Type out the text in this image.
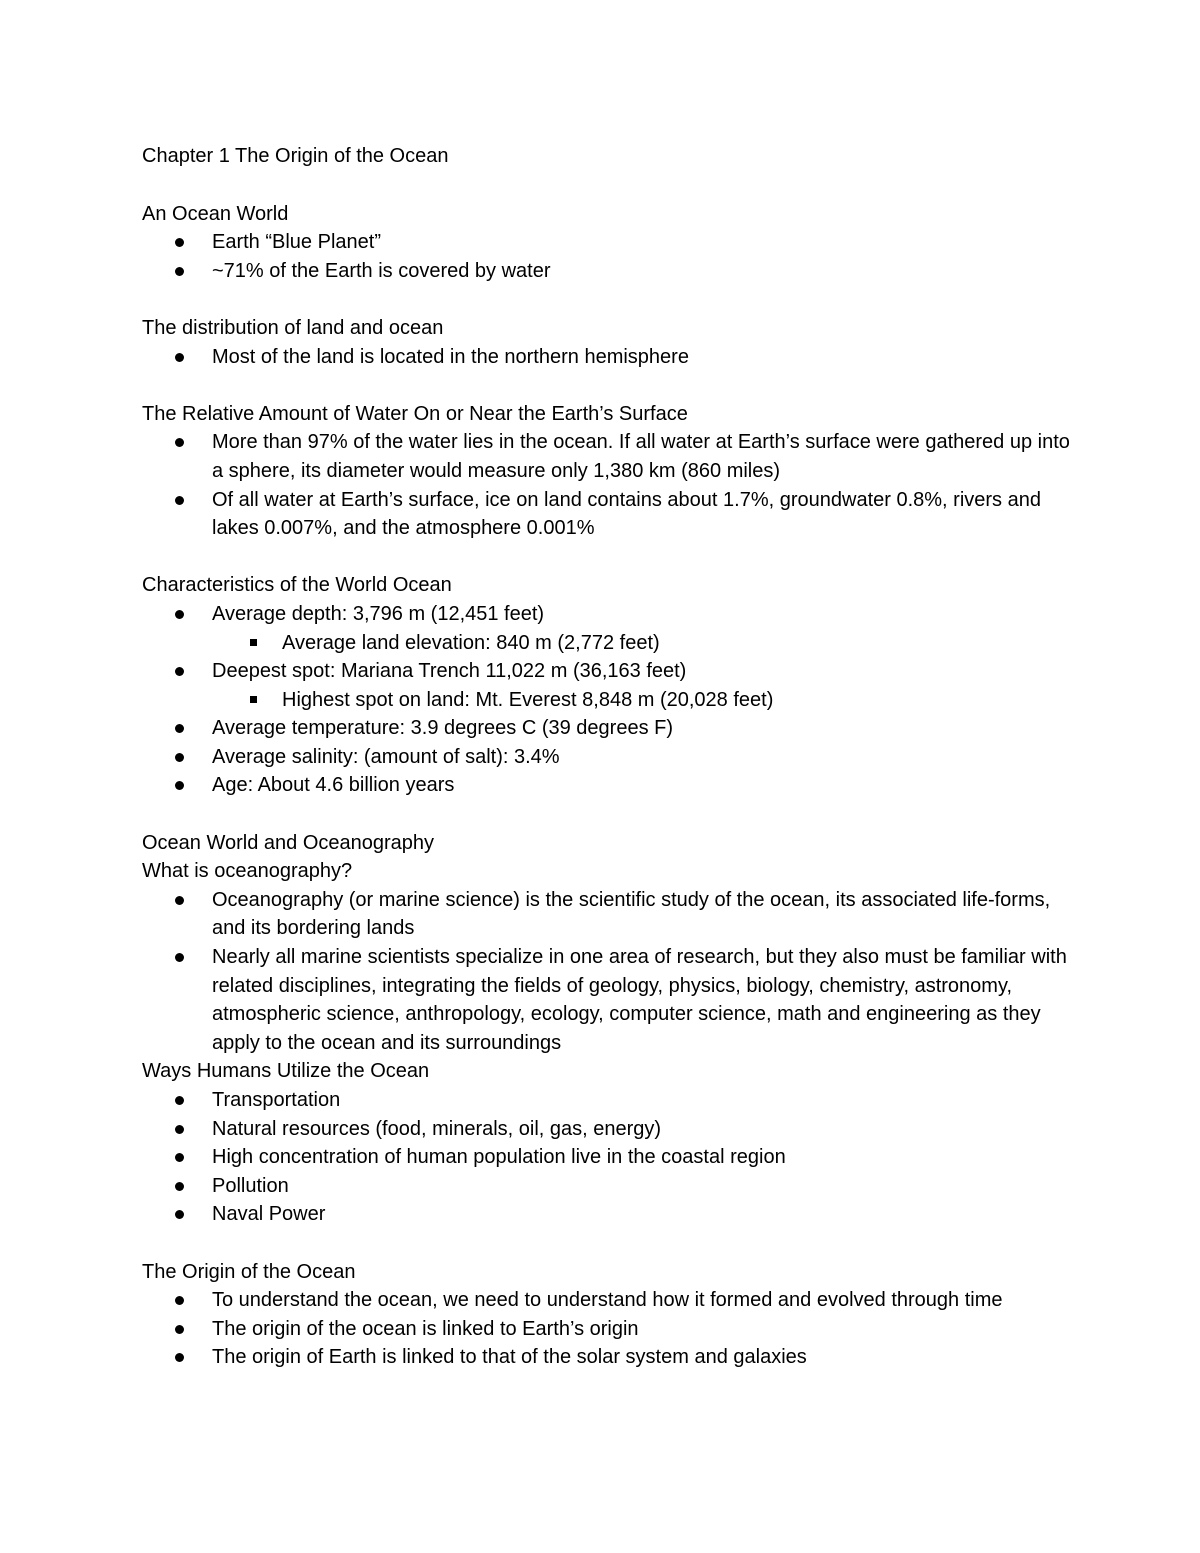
Chapter 1 The Origin of the Ocean
An Ocean World
Earth “Blue Planet”
~71% of the Earth is covered by water
The distribution of land and ocean
Most of the land is located in the northern hemisphere
The Relative Amount of Water On or Near the Earth’s Surface
More than 97% of the water lies in the ocean. If all water at Earth’s surface were gathered up into a sphere, its diameter would measure only 1,380 km (860 miles)
Of all water at Earth’s surface, ice on land contains about 1.7%, groundwater 0.8%, rivers and lakes 0.007%, and the atmosphere 0.001%
Characteristics of the World Ocean
Average depth: 3,796 m (12,451 feet)
Average land elevation: 840 m (2,772 feet)
Deepest spot: Mariana Trench 11,022 m (36,163 feet)
Highest spot on land: Mt. Everest 8,848 m (20,028 feet)
Average temperature: 3.9 degrees C (39 degrees F)
Average salinity: (amount of salt): 3.4%
Age: About 4.6 billion years
Ocean World and Oceanography
What is oceanography?
Oceanography (or marine science) is the scientific study of the ocean, its associated life-forms, and its bordering lands
Nearly all marine scientists specialize in one area of research, but they also must be familiar with related disciplines, integrating the fields of geology, physics, biology, chemistry, astronomy, atmospheric science, anthropology, ecology, computer science, math and engineering as they apply to the ocean and its surroundings
Ways Humans Utilize the Ocean
Transportation
Natural resources (food, minerals, oil, gas, energy)
High concentration of human population live in the coastal region
Pollution
Naval Power
The Origin of the Ocean
To understand the ocean, we need to understand how it formed and evolved through time
The origin of the ocean is linked to Earth’s origin
The origin of Earth is linked to that of the solar system and galaxies
